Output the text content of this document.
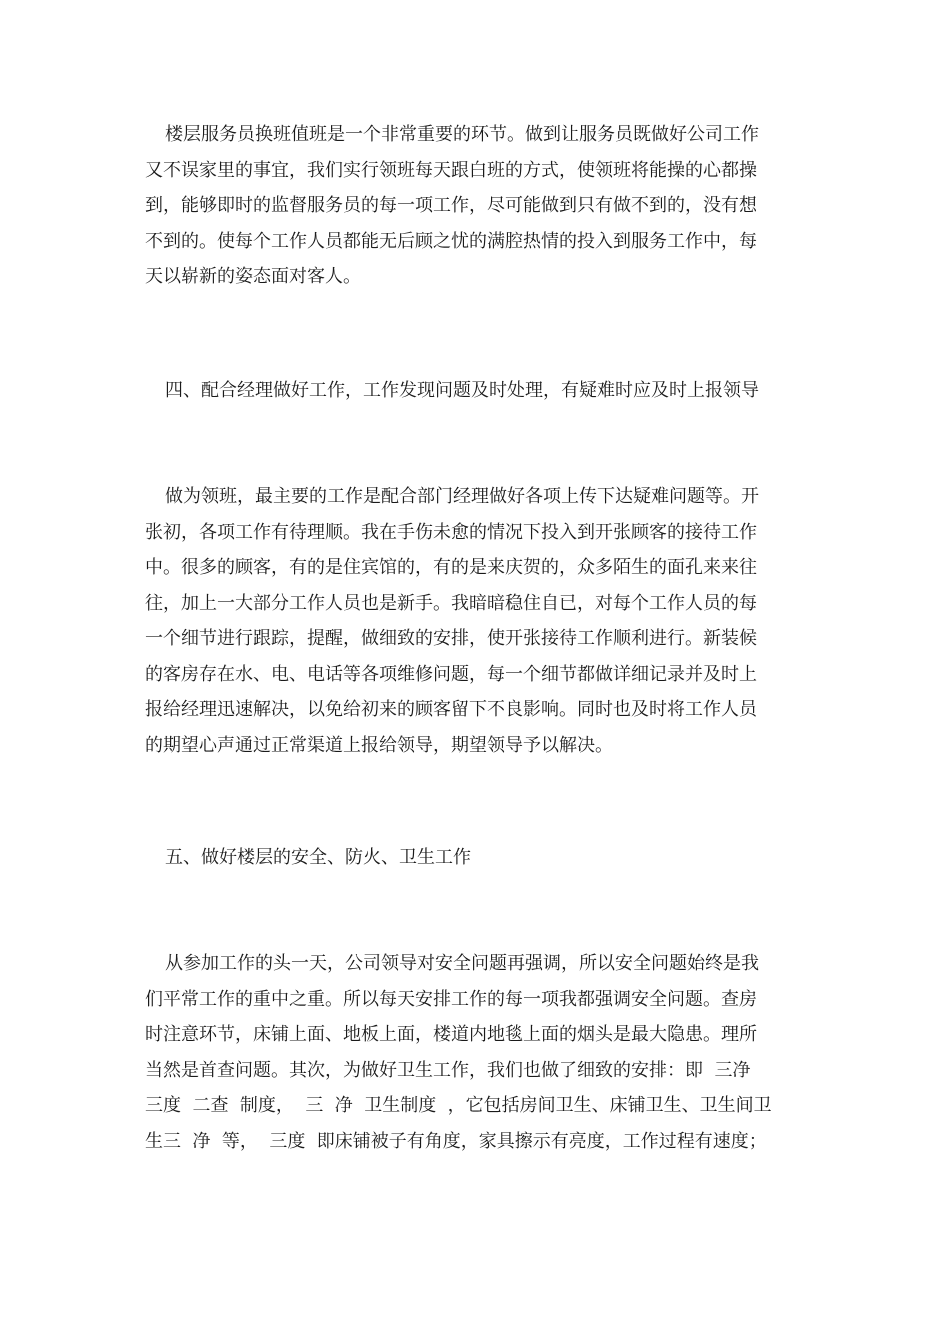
楼层服务员换班值班是一个非常重要的环节。做到让服务员既做好公司工作
又不误家里的事宜，我们实行领班每天跟白班的方式，使领班将能操的心都操
到，能够即时的监督服务员的每一项工作，尽可能做到只有做不到的，没有想
不到的。使每个工作人员都能无后顾之忧的满腔热情的投入到服务工作中，每
天以崭新的姿态面对客人。

四、配合经理做好工作，工作发现问题及时处理，有疑难时应及时上报领导

做为领班，最主要的工作是配合部门经理做好各项上传下达疑难问题等。开
张初，各项工作有待理顺。我在手伤未愈的情况下投入到开张顾客的接待工作
中。很多的顾客，有的是住宾馆的，有的是来庆贺的，众多陌生的面孔来来往
往，加上一大部分工作人员也是新手。我暗暗稳住自已，对每个工作人员的每
一个细节进行跟踪，提醒，做细致的安排，使开张接待工作顺利进行。新装候
的客房存在水、电、电话等各项维修问题，每一个细节都做详细记录并及时上
报给经理迅速解决，以免给初来的顾客留下不良影响。同时也及时将工作人员
的期望心声通过正常渠道上报给领导，期望领导予以解决。

五、做好楼层的安全、防火、卫生工作

从参加工作的头一天，公司领导对安全问题再强调，所以安全问题始终是我
们平常工作的重中之重。所以每天安排工作的每一项我都强调安全问题。查房
时注意环节，床铺上面、地板上面，楼道内地毯上面的烟头是最大隐患。理所
当然是首查问题。其次，为做好卫生工作，我们也做了细致的安排：即  三净
三度  二查  制度，  三  净  卫生制度  ，它包括房间卫生、床铺卫生、卫生间卫
生三  净  等，  三度  即床铺被子有角度，家具擦示有亮度，工作过程有速度；
